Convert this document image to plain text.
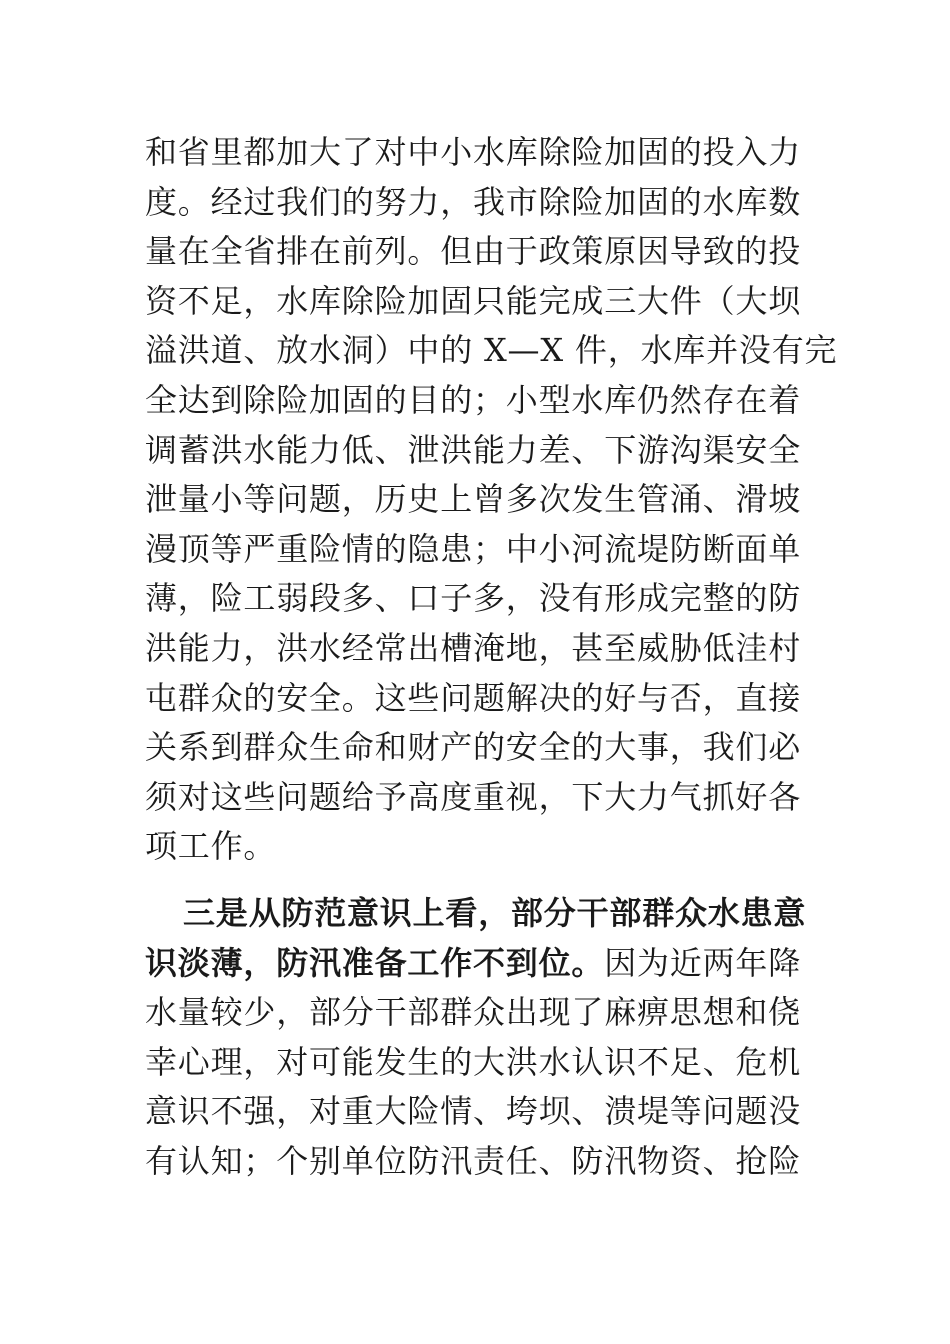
和省里都加大了对中小水库除险加固的投入力
度。经过我们的努力，我市除险加固的水库数
量在全省排在前列。但由于政策原因导致的投
资不足，水库除险加固只能完成三大件（大坝
溢洪道、放水洞）中的 X—X 件，水库并没有完
全达到除险加固的目的；小型水库仍然存在着
调蓄洪水能力低、泄洪能力差、下游沟渠安全
泄量小等问题，历史上曾多次发生管涌、滑坡
漫顶等严重险情的隐患；中小河流堤防断面单
薄，险工弱段多、口子多，没有形成完整的防
洪能力，洪水经常出槽淹地，甚至威胁低洼村
屯群众的安全。这些问题解决的好与否，直接
关系到群众生命和财产的安全的大事，我们必
须对这些问题给予高度重视，下大力气抓好各
项工作。
三是从防范意识上看，部分干部群众水患意
识淡薄，防汛准备工作不到位。因为近两年降
水量较少，部分干部群众出现了麻痹思想和侥
幸心理，对可能发生的大洪水认识不足、危机
意识不强，对重大险情、垮坝、溃堤等问题没
有认知；个别单位防汛责任、防汛物资、抢险
